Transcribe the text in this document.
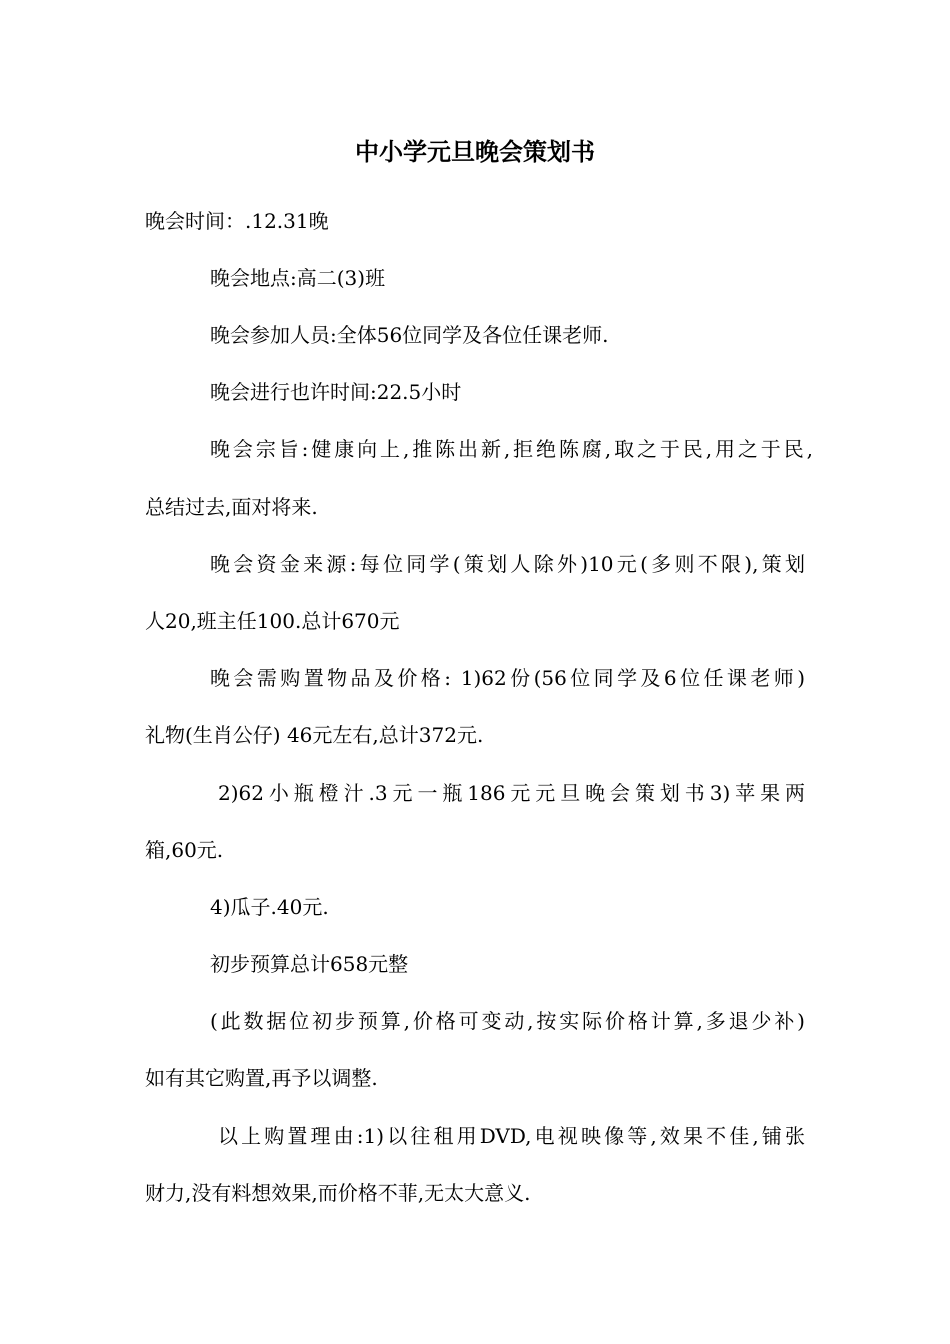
中小学元旦晚会策划书

晚会时间：.12.31晚

晚会地点:高二(3)班

晚会参加人员:全体56位同学及各位任课老师.

晚会进行也许时间:22.5小时

晚会宗旨:健康向上,推陈出新,拒绝陈腐,取之于民,用之于民,

总结过去,面对将来.

晚会资金来源:每位同学(策划人除外)10元(多则不限),策划

人20,班主任100.总计670元

晚会需购置物品及价格: 1)62份(56位同学及6位任课老师)

礼物(生肖公仔) 46元左右,总计372元.

2)62小瓶橙汁.3元一瓶186元元旦晚会策划书3)苹果两

箱,60元.

4)瓜子.40元.

初步预算总计658元整

(此数据位初步预算,价格可变动,按实际价格计算,多退少补)

如有其它购置,再予以调整.

以上购置理由:1)以往租用DVD,电视映像等,效果不佳,铺张

财力,没有料想效果,而价格不菲,无太大意义.
